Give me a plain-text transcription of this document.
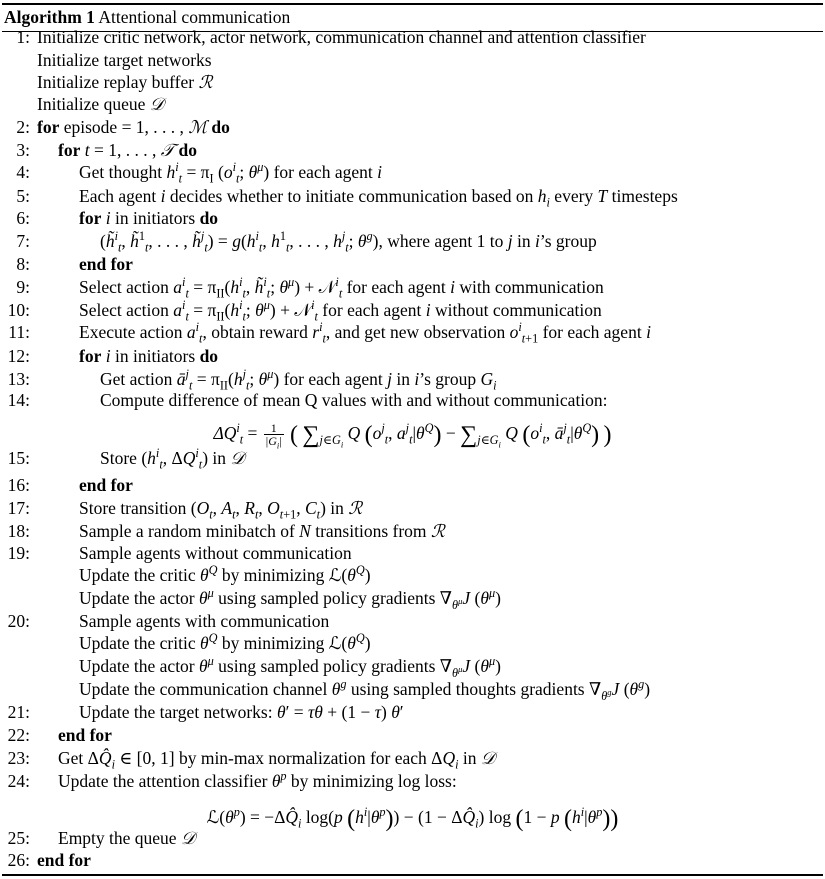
Algorithm 1 Attentional communication
1: Initialize critic network, actor network, communication channel and attention classifier
Initialize target networks
Initialize replay buffer ℛ
Initialize queue 𝒟
2: for episode = 1, . . . , ℳ do
3: for t = 1, . . . , 𝒯 do
4:	Get thought $h^i_t = \pi_I$ ($o^i_t$; $\theta^\mu$) for each agent i
5:	Each agent i decides whether to initiate communication based on $h_i$ every T timesteps
6:	for i in initiators do
7:	(h̃$^i_t$, h̃$^1_t$, . . . , h̃$^j_t$) = $g(h^i_t$, $h^1_t$, . . . , $h^j_t$; $\theta^g$), where agent 1 to j in i’s group
8:	end for
9:	Select action $a^i_t = \pi_{II}(h^i_t$, h̃$^i_t$; $\theta^\mu$) + 𝒩$^i_t$ for each agent i with communication
10:	Select action $a^i_t = \pi_{II}(h^i_t$; $\theta^\mu$) + 𝒩$^i_t$ for each agent i without communication
11:	Execute action $a^i_t$, obtain reward $r^i_t$, and get new observation $o^i_{t+1}$ for each agent i
12:	for i in initiators do
13:	Get action $ā^j_t = \pi_{II}(h^j_t$; $\theta^\mu$) for each agent j in i’s group $G_i$
14:	Compute difference of mean Q values with and without communication:
15:	Store ($h^i_t$, $\Delta Q^i_t$) in 𝒟
16:	end for
17:	Store transition ($O_t$, $A_t$, $R_t$, $O_{t+1}$, $C_t$) in ℛ
18:	Sample a random minibatch of N transitions from ℛ
19:	Sample agents without communication
Update the critic $\theta^Q$ by minimizing $ℒ(\theta^Q)$
Update the actor $\theta^\mu$ using sampled policy gradients $\nabla_{\theta^\mu}J$ $(\theta^\mu)$
20:	Sample agents with communication
Update the critic $\theta^Q$ by minimizing $ℒ(\theta^Q)$
Update the actor $\theta^\mu$ using sampled policy gradients $\nabla_{\theta^\mu}J$ $(\theta^\mu)$
Update the communication channel $\theta^g$ using sampled thoughts gradients $\nabla_{\theta^g}J$ $(\theta^g)$
21:	Update the target networks: θ′ = τθ + (1 − τ) θ′
22: end for
23: Get $\Delta Q̂_i$ ∈ [0, 1] by min-max normalization for each $\Delta Q_i$ in 𝒟
24: Update the attention classifier $\theta^p$ by minimizing log loss:
25: Empty the queue 𝒟
26: end for
$\Delta Q^i_t = \frac{1}{|G_i|}$ ( $\sum_{j\in G_i}$ Q ($o^j_t$, $a^j_t|\theta^Q) - \sum_{j\in G_i}$ Q ($o^i_t$, $ā^j_t|\theta^Q$) )
$ℒ(\theta^p)$ = $-\Delta Q̂_i$ log(p $(h^i|\theta^p)) - (1$ − $\Delta Q̂_i$) log (1 − p $(h^i|\theta^p)$)
